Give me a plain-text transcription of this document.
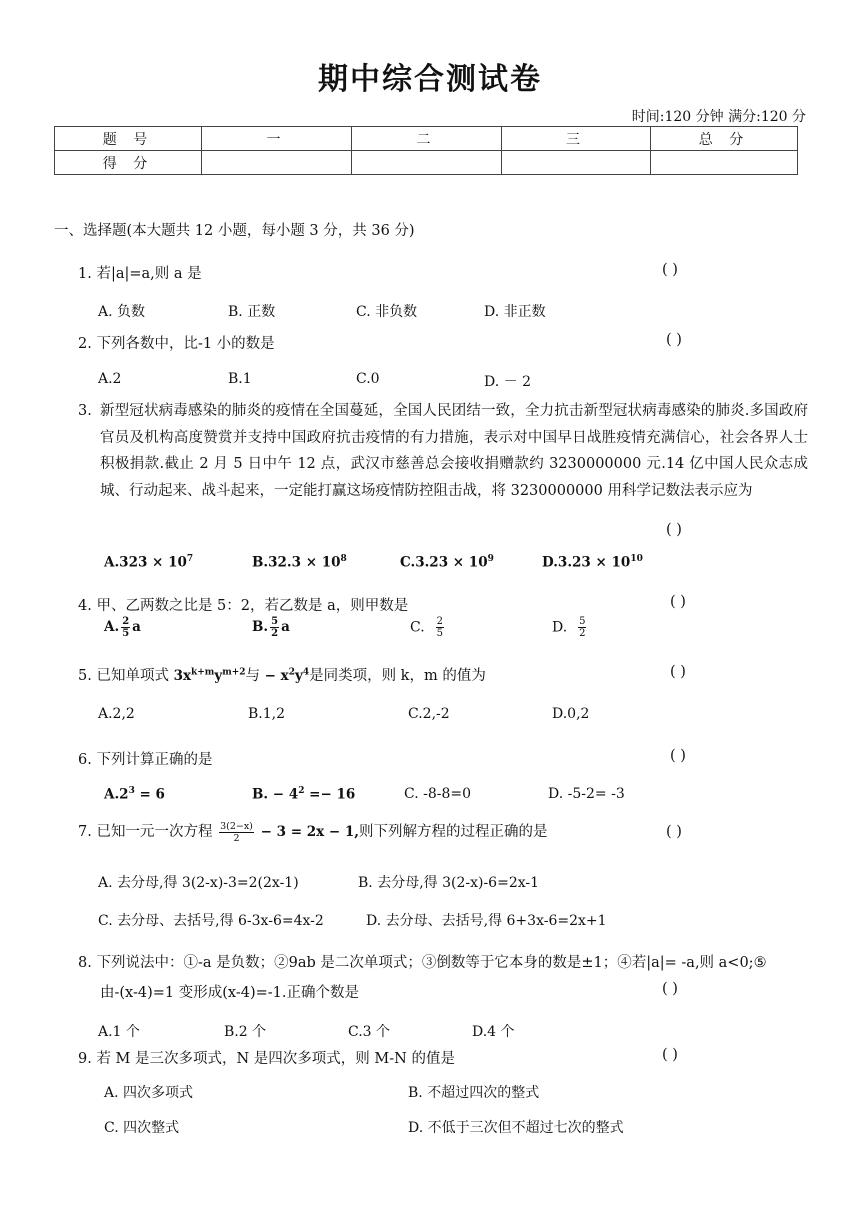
期中综合测试卷
时间:120 分钟 满分:120 分
题 号	一	二	三	总 分
得 分				
一、选择题(本大题共 12 小题，每小题 3 分，共 36 分)
1. 若|a|=a,则 a 是	( )
A. 负数	B. 正数	C. 非负数	D. 非正数
2. 下列各数中，比-1 小的数是	( )
A.2	B.1	C.0	D. － 2
3. 新型冠状病毒感染的肺炎的疫情在全国蔓延，全国人民团结一致，全力抗击新型冠状病毒感染的肺炎.多国政府官员及机构高度赞赏并支持中国政府抗击疫情的有力措施，表示对中国早日战胜疫情充满信心，社会各界人士积极捐款.截止 2 月 5 日中午 12 点，武汉市慈善总会接收捐赠款约 3230000000 元.14 亿中国人民众志成城、行动起来、战斗起来，一定能打赢这场疫情防控阻击战，将 3230000000 用科学记数法表示应为
( )
$A.323 \times 10^7$	$B.32.3 \times 10^8$	$C.3.23 \times 10^9$	$D.3.23 \times 10^{10}$
4. 甲、乙两数之比是 5：2，若乙数是 a，则甲数是	( )
A. $\frac{2}{5}$ a	B. $\frac{5}{2}$ a	C. $\frac{2}{5}$	D. $\frac{5}{2}$
5. 已知单项式 $3x^{k+m}y^{m+2}$与 − $x^2y^4$是同类项，则 k，m 的值为	( )
A.2,2	B.1,2	C.2,-2	D.0,2
6. 下列计算正确的是	( )
$A.2^3 = 6$	B. − $4^2 =- 16$	C. -8-8=0	D. -5-2= -3
7. 已知一元一次方程 $\frac{3(2-x)}{2} - 3 = 2x - 1$,则下列解方程的过程正确的是	( )
A. 去分母,得 3(2-x)-3=2(2x-1)	B. 去分母,得 3(2-x)-6=2x-1
C. 去分母、去括号,得 6-3x-6=4x-2	D. 去分母、去括号,得 6+3x-6=2x+1
8. 下列说法中：①-a 是负数；②9ab 是二次单项式；③倒数等于它本身的数是±1；④若|a|= -a,则 a<0;⑤
由-(x-4)=1 变形成(x-4)=-1.正确个数是	( )
A.1 个	B.2 个	C.3 个	D.4 个
9. 若 M 是三次多项式，N 是四次多项式，则 M-N 的值是	( )
A. 四次多项式	B. 不超过四次的整式
C. 四次整式	D. 不低于三次但不超过七次的整式
